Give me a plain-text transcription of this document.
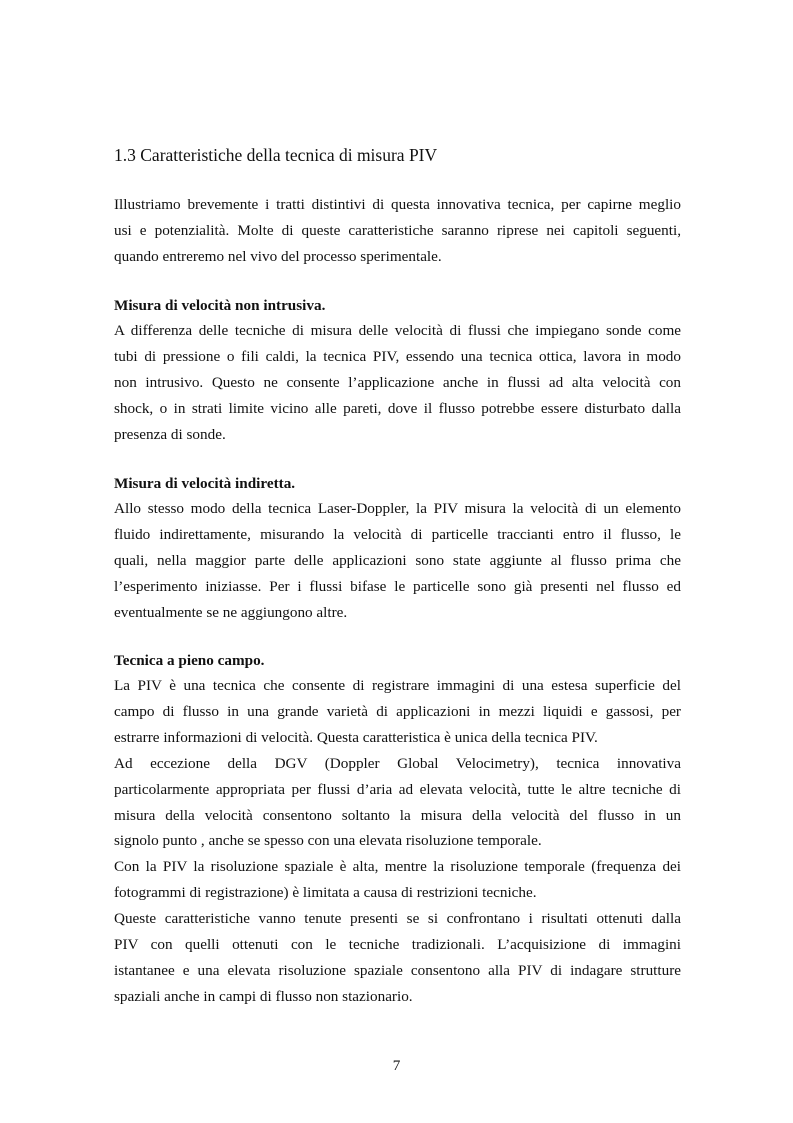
1.3 Caratteristiche della tecnica di misura PIV

Illustriamo brevemente i tratti distintivi di questa innovativa tecnica, per capirne meglio
usi e potenzialità. Molte di queste caratteristiche saranno riprese nei capitoli seguenti,
quando entreremo nel vivo del processo sperimentale.

Misura di velocità non intrusiva.

A differenza delle tecniche di misura delle velocità di flussi che impiegano sonde come
tubi di pressione o fili caldi, la tecnica PIV, essendo una tecnica ottica, lavora in modo
non intrusivo. Questo ne consente l’applicazione anche in flussi ad alta velocità con
shock, o in strati limite vicino alle pareti, dove il flusso potrebbe essere disturbato dalla
presenza di sonde.

Misura di velocità indiretta.

Allo stesso modo della tecnica Laser-Doppler, la PIV misura la velocità di un elemento
fluido indirettamente, misurando la velocità di particelle traccianti entro il flusso, le
quali, nella maggior parte delle applicazioni sono state aggiunte al flusso prima che
l’esperimento iniziasse. Per i flussi bifase le particelle sono già presenti nel flusso ed
eventualmente se ne aggiungono altre.

Tecnica a pieno campo.
La PIV è una tecnica che consente di registrare immagini di una estesa superficie del
campo di flusso in una grande varietà di applicazioni in mezzi liquidi e gassosi, per
estrarre informazioni di velocità. Questa caratteristica è unica della tecnica PIV.
Ad eccezione della DGV (Doppler Global Velocimetry), tecnica innovativa
particolarmente appropriata per flussi d’aria ad elevata velocità, tutte le altre tecniche di
misura della velocità consentono soltanto la misura della velocità del flusso in un
signolo punto , anche se spesso con una elevata risoluzione temporale.
Con la PIV la risoluzione spaziale è alta, mentre la risoluzione temporale (frequenza dei
fotogrammi di registrazione) è limitata a causa di restrizioni tecniche.
Queste caratteristiche vanno tenute presenti se si confrontano i risultati ottenuti dalla
PIV con quelli ottenuti con le tecniche tradizionali. L’acquisizione di immagini
istantanee e una elevata risoluzione spaziale consentono alla PIV di indagare strutture
spaziali anche in campi di flusso non stazionario.
7
